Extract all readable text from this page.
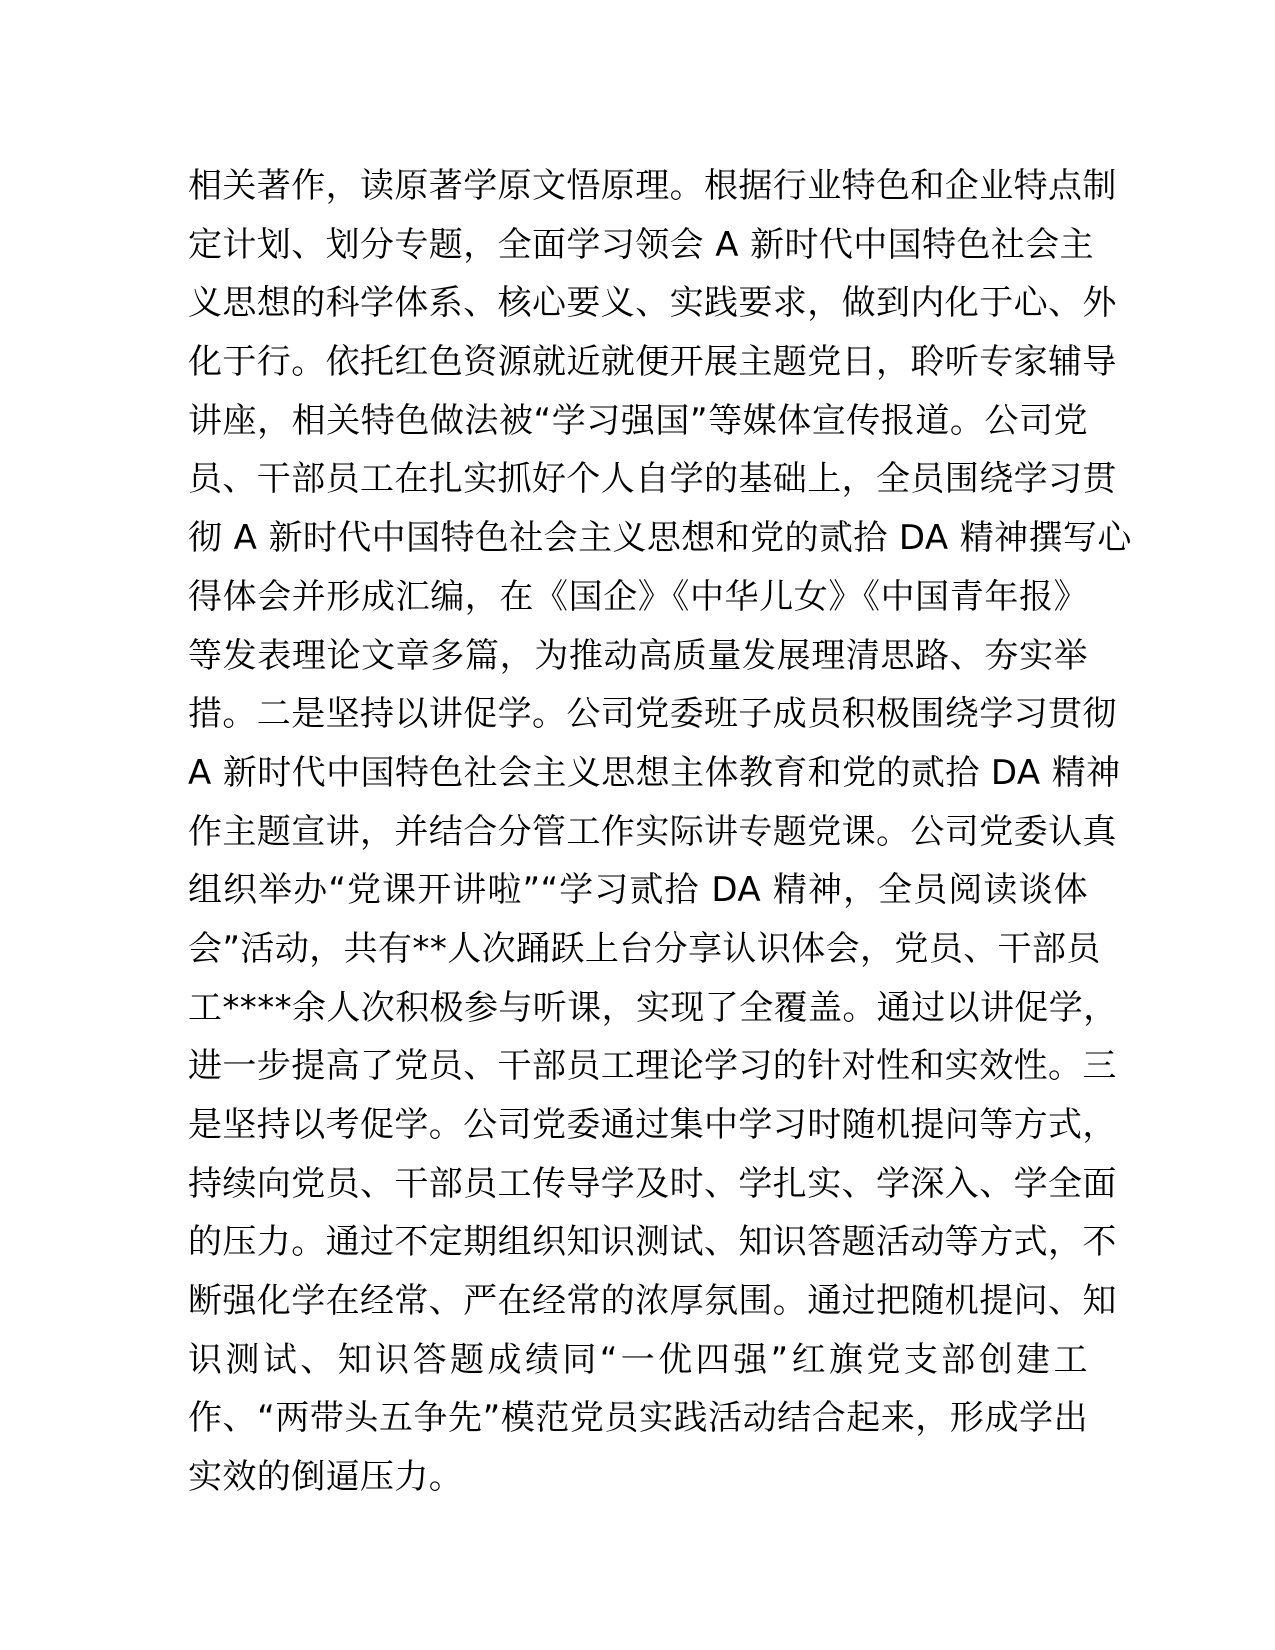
相关著作，读原著学原文悟原理。根据行业特色和企业特点制
定计划、划分专题，全面学习领会 A 新时代中国特色社会主
义思想的科学体系、核心要义、实践要求，做到内化于心、外
化于行。依托红色资源就近就便开展主题党日，聆听专家辅导
讲座，相关特色做法被“学习强国”等媒体宣传报道。公司党
员、干部员工在扎实抓好个人自学的基础上，全员围绕学习贯
彻 A 新时代中国特色社会主义思想和党的贰拾 DA 精神撰写心
得体会并形成汇编，在《国企》《中华儿女》《中国青年报》
等发表理论文章多篇，为推动高质量发展理清思路、夯实举
措。二是坚持以讲促学。公司党委班子成员积极围绕学习贯彻
A 新时代中国特色社会主义思想主体教育和党的贰拾 DA 精神
作主题宣讲，并结合分管工作实际讲专题党课。公司党委认真
组织举办“党课开讲啦”“学习贰拾 DA 精神，全员阅读谈体
会”活动，共有**人次踊跃上台分享认识体会，党员、干部员
工****余人次积极参与听课，实现了全覆盖。通过以讲促学，
进一步提高了党员、干部员工理论学习的针对性和实效性。三
是坚持以考促学。公司党委通过集中学习时随机提问等方式，
持续向党员、干部员工传导学及时、学扎实、学深入、学全面
的压力。通过不定期组织知识测试、知识答题活动等方式，不
断强化学在经常、严在经常的浓厚氛围。通过把随机提问、知
识测试、知识答题成绩同“一优四强”红旗党支部创建工
作、“两带头五争先”模范党员实践活动结合起来，形成学出
实效的倒逼压力。
